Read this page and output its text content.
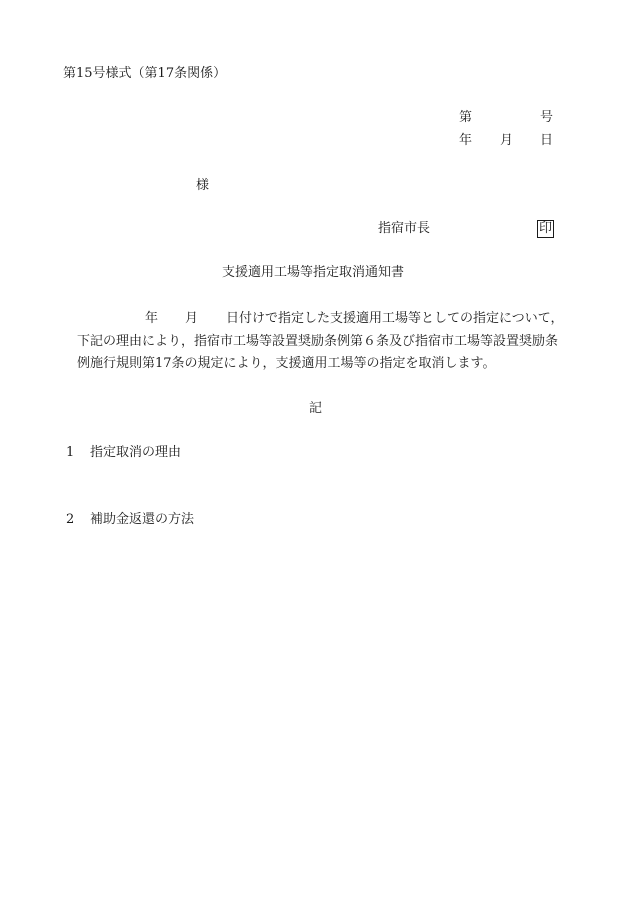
第15号様式（第17条関係）
第	号
年 月 日
様
指宿市長	印
支援適用工場等指定取消通知書
年 月 日付けで指定した支援適用工場等としての指定について，
下記の理由により，指宿市工場等設置奨励条例第６条及び指宿市工場等設置奨励条
例施行規則第17条の規定により，支援適用工場等の指定を取消します。
記
1 指定取消の理由
2 補助金返還の方法
